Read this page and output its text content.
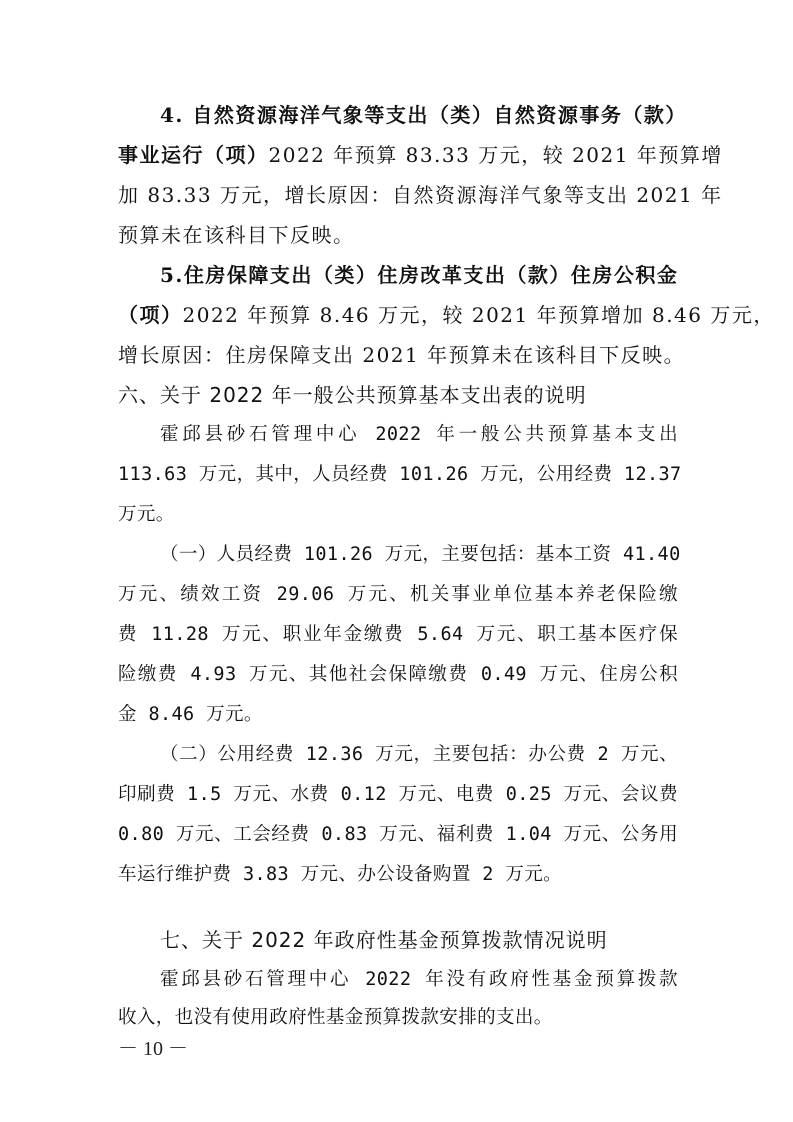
4. 自然资源海洋气象等支出（类）自然资源事务（款）
事业运行（项）2022 年预算 83.33 万元，较 2021 年预算增
加 83.33 万元，增长原因：自然资源海洋气象等支出 2021 年
预算未在该科目下反映。
5.住房保障支出（类）住房改革支出（款）住房公积金
（项）2022 年预算 8.46 万元，较 2021 年预算增加 8.46 万元，
增长原因：住房保障支出 2021 年预算未在该科目下反映。
六、关于 2022 年一般公共预算基本支出表的说明
霍邱县砂石管理中心 2022 年一般公共预算基本支出
113.63 万元，其中，人员经费 101.26 万元，公用经费 12.37
万元。
（一）人员经费 101.26 万元，主要包括：基本工资 41.40
万元、绩效工资 29.06 万元、机关事业单位基本养老保险缴
费 11.28 万元、职业年金缴费 5.64 万元、职工基本医疗保
险缴费 4.93 万元、其他社会保障缴费 0.49 万元、住房公积
金 8.46 万元。
（二）公用经费 12.36 万元，主要包括：办公费 2 万元、
印刷费 1.5 万元、水费 0.12 万元、电费 0.25 万元、会议费
0.80 万元、工会经费 0.83 万元、福利费 1.04 万元、公务用
车运行维护费 3.83 万元、办公设备购置 2 万元。
七、关于 2022 年政府性基金预算拨款情况说明
霍邱县砂石管理中心 2022 年没有政府性基金预算拨款
收入，也没有使用政府性基金预算拨款安排的支出。
－ 10 －
